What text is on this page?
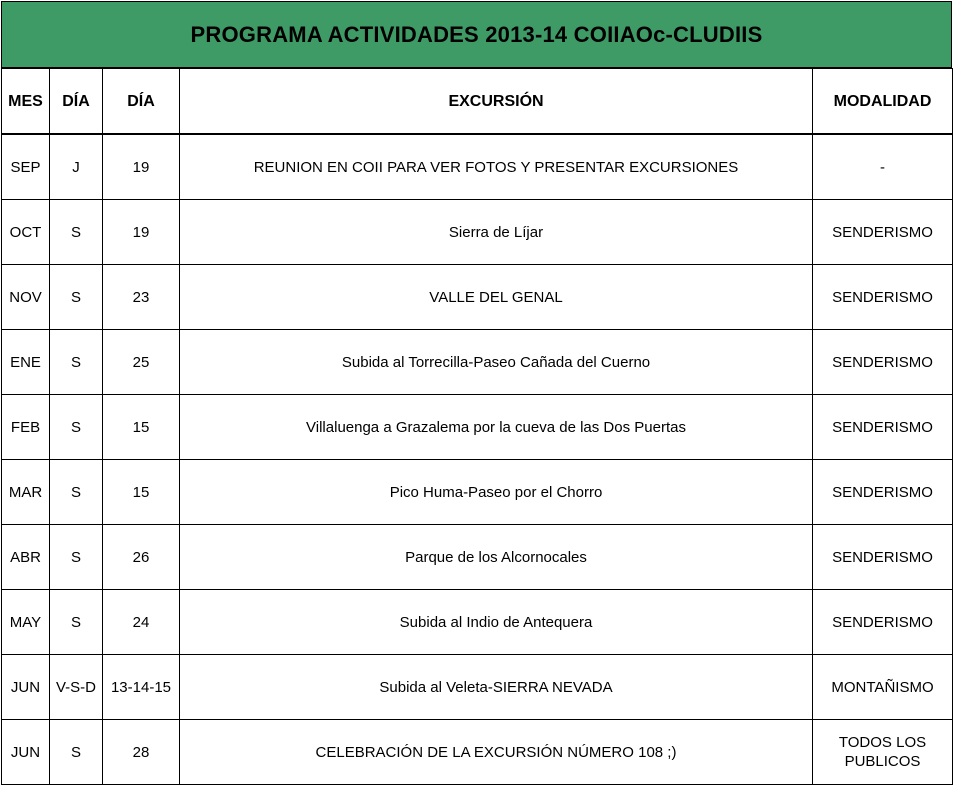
PROGRAMA ACTIVIDADES 2013-14 COIIAOc-CLUDIIS
MES	DÍA	DÍA	EXCURSIÓN	MODALIDAD
SEP	J	19	REUNION EN COII PARA VER FOTOS Y PRESENTAR EXCURSIONES	-
OCT	S	19	Sierra de Líjar	SENDERISMO
NOV	S	23	VALLE DEL GENAL	SENDERISMO
ENE	S	25	Subida al Torrecilla-Paseo Cañada del Cuerno	SENDERISMO
FEB	S	15	Villaluenga a Grazalema por la cueva de las Dos Puertas	SENDERISMO
MAR	S	15	Pico Huma-Paseo por el Chorro	SENDERISMO
ABR	S	26	Parque de los Alcornocales	SENDERISMO
MAY	S	24	Subida al Indio de Antequera	SENDERISMO
JUN	V-S-D	13-14-15	Subida al Veleta-SIERRA NEVADA	MONTAÑISMO
JUN	S	28	CELEBRACIÓN DE LA EXCURSIÓN NÚMERO 108 ;)	TODOS LOS PUBLICOS
